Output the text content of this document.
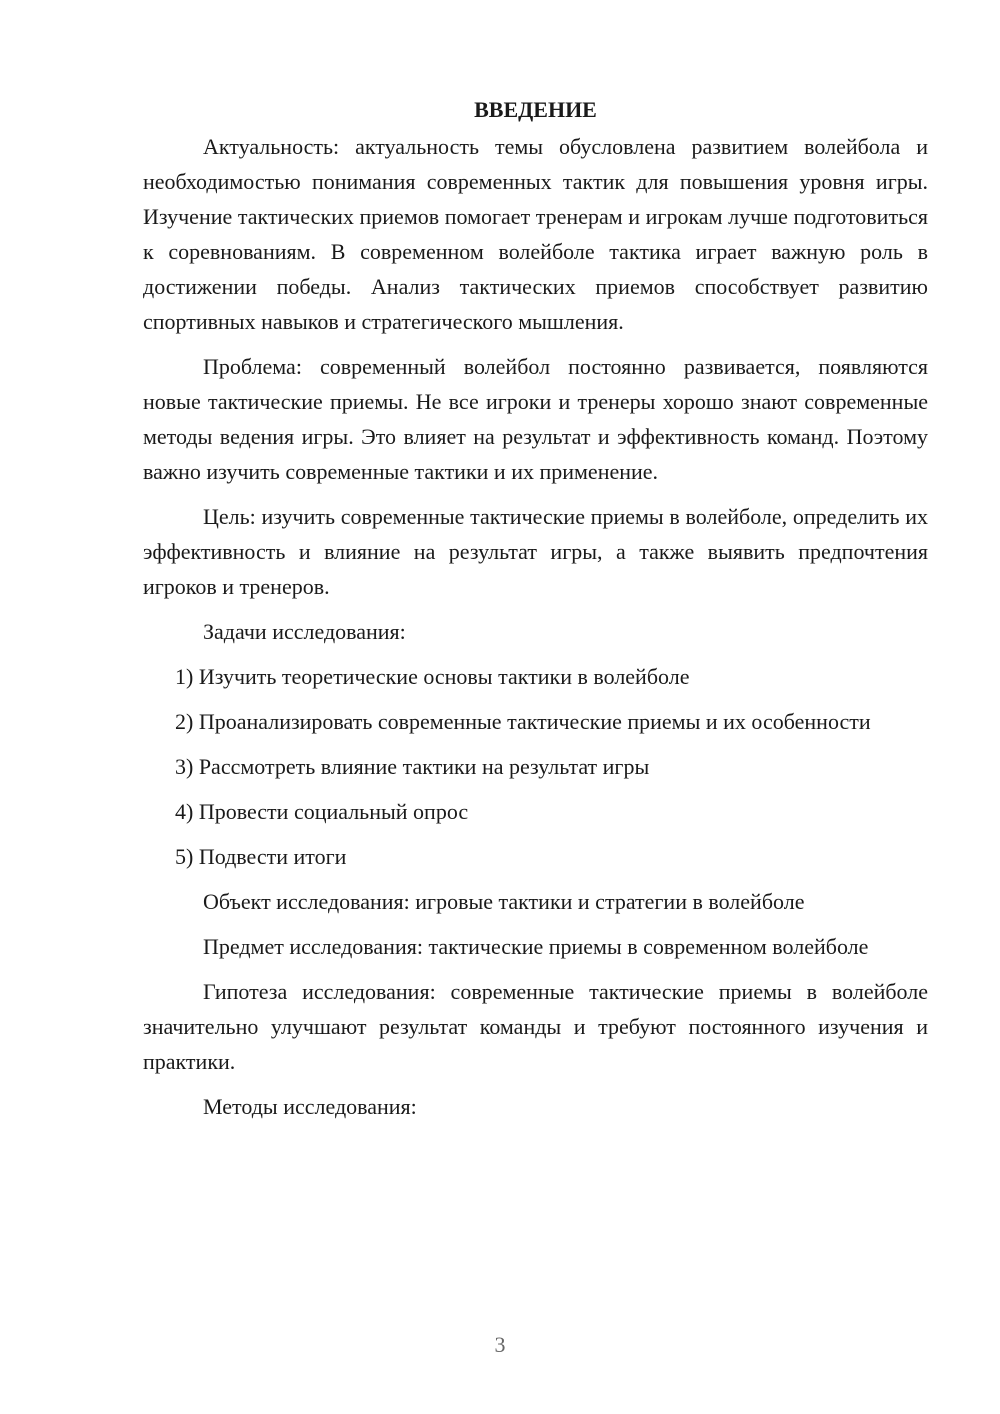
ВВЕДЕНИЕ

Актуальность: актуальность темы обусловлена развитием волейбола и необходимостью понимания современных тактик для повышения уровня игры. Изучение тактических приемов помогает тренерам и игрокам лучше подготовиться к соревнованиям. В современном волейболе тактика играет важную роль в достижении победы. Анализ тактических приемов способствует развитию спортивных навыков и стратегического мышления.

Проблема: современный волейбол постоянно развивается, появляются новые тактические приемы. Не все игроки и тренеры хорошо знают современные методы ведения игры. Это влияет на результат и эффективность команд. Поэтому важно изучить современные тактики и их применение.

Цель: изучить современные тактические приемы в волейболе, определить их эффективность и влияние на результат игры, а также выявить предпочтения игроков и тренеров.

Задачи исследования:

1) Изучить теоретические основы тактики в волейболе

2) Проанализировать современные тактические приемы и их особенности

3) Рассмотреть влияние тактики на результат игры

4) Провести социальный опрос

5) Подвести итоги

Объект исследования: игровые тактики и стратегии в волейболе

Предмет исследования: тактические приемы в современном волейболе

Гипотеза исследования: современные тактические приемы в волейболе значительно улучшают результат команды и требуют постоянного изучения и практики.

Методы исследования:

3
